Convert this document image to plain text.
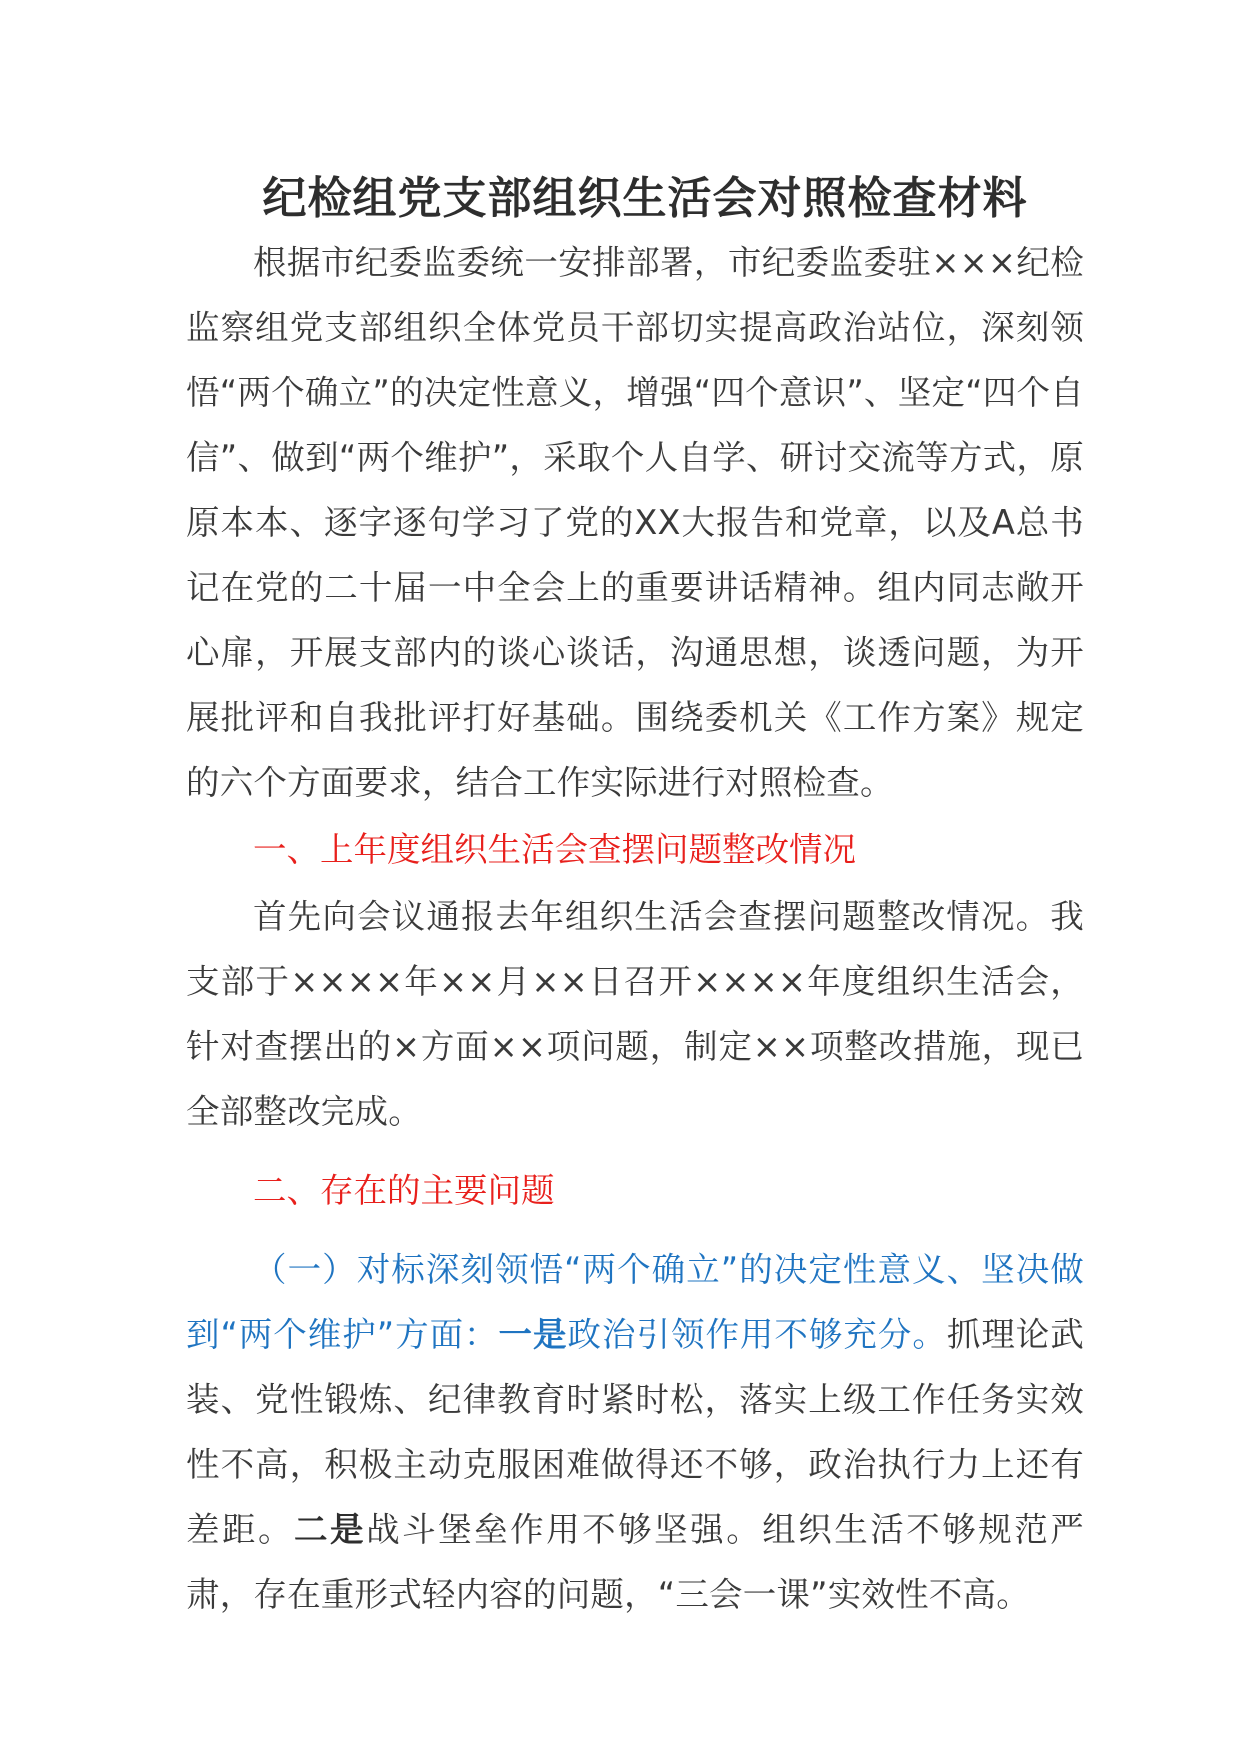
纪检组党支部组织生活会对照检查材料

根据市纪委监委统一安排部署，市纪委监委驻×××纪检监察组党支部组织全体党员干部切实提高政治站位，深刻领悟“两个确立”的决定性意义，增强“四个意识”、坚定“四个自信”、做到“两个维护”，采取个人自学、研讨交流等方式，原原本本、逐字逐句学习了党的XX大报告和党章，以及A总书记在党的二十届一中全会上的重要讲话精神。组内同志敞开心扉，开展支部内的谈心谈话，沟通思想，谈透问题，为开展批评和自我批评打好基础。围绕委机关《工作方案》规定的六个方面要求，结合工作实际进行对照检查。

一、上年度组织生活会查摆问题整改情况

首先向会议通报去年组织生活会查摆问题整改情况。我支部于××××年××月××日召开××××年度组织生活会，针对查摆出的×方面××项问题，制定××项整改措施，现已全部整改完成。

二、存在的主要问题

（一）对标深刻领悟“两个确立”的决定性意义、坚决做到“两个维护”方面：一是政治引领作用不够充分。抓理论武装、党性锻炼、纪律教育时紧时松，落实上级工作任务实效性不高，积极主动克服困难做得还不够，政治执行力上还有差距。二是战斗堡垒作用不够坚强。组织生活不够规范严肃，存在重形式轻内容的问题，“三会一课”实效性不高。
